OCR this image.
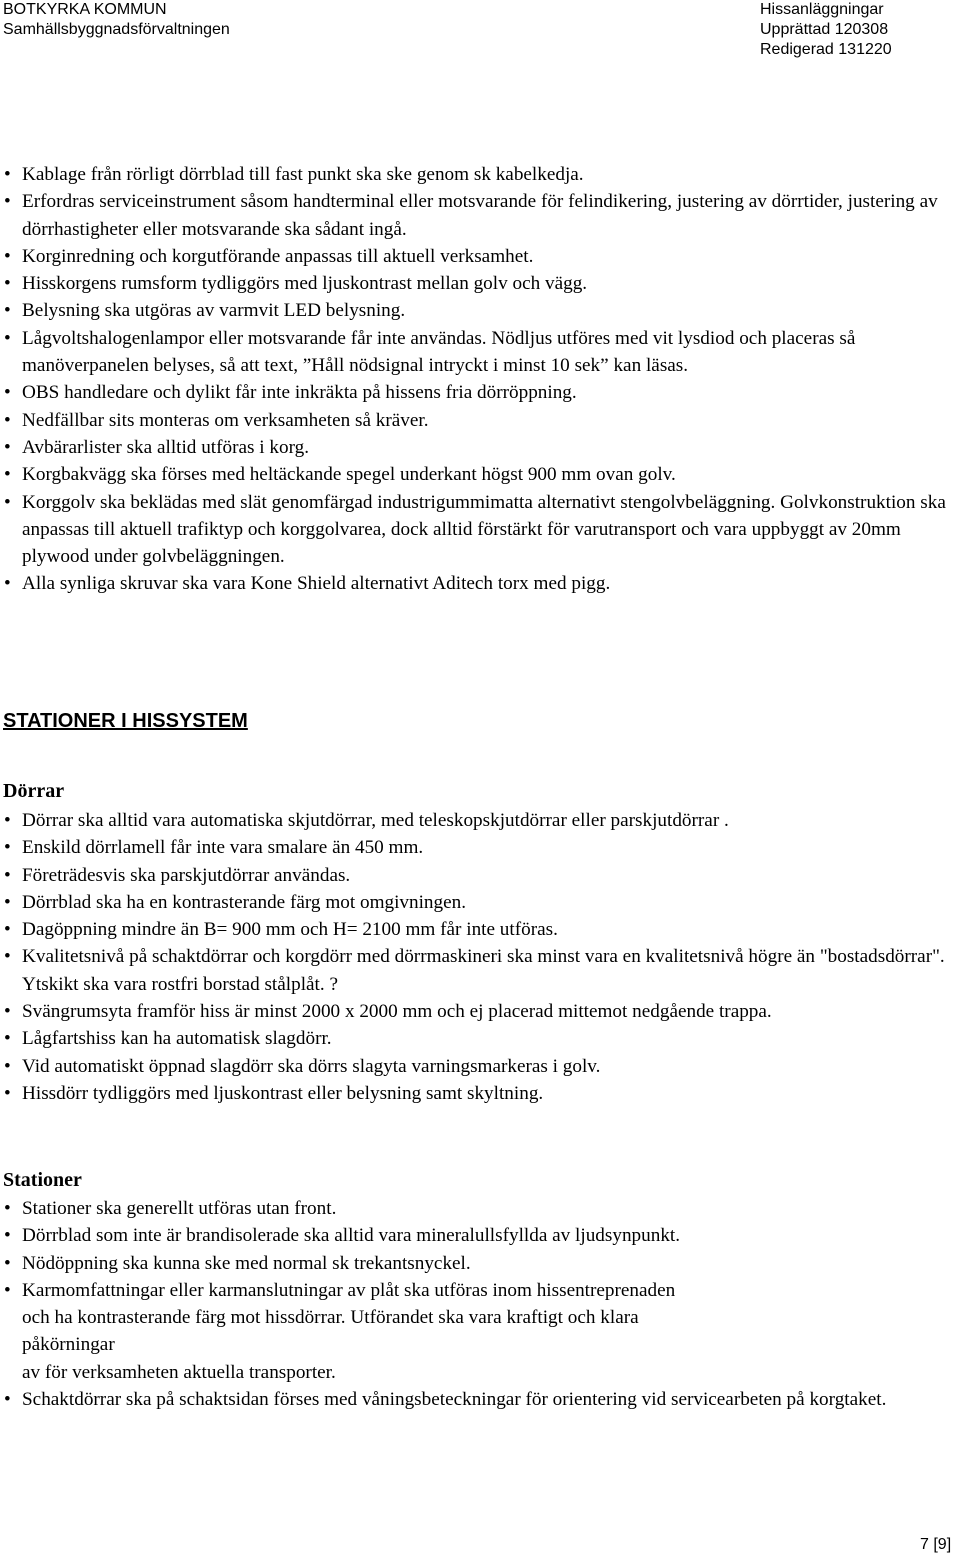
BOTKYRKA KOMMUN
Samhällsbyggnadsförvaltningen
Hissanläggningar
Upprättad 120308
Redigerad 131220
• Kablage från rörligt dörrblad till fast punkt ska ske genom sk kabelkedja.
• Erfordras serviceinstrument såsom handterminal eller motsvarande för felindikering, justering av dörrtider, justering av dörrhastigheter eller motsvarande ska sådant ingå.
• Korginredning och korgutförande anpassas till aktuell verksamhet.
• Hisskorgens rumsform tydliggörs med ljuskontrast mellan golv och vägg.
• Belysning ska utgöras av varmvit LED belysning.
• Lågvoltshalogenlampor eller motsvarande får inte användas. Nödljus utföres med vit lysdiod och placeras så manöverpanelen belyses, så att text, ”Håll nödsignal intryckt i minst 10 sek” kan läsas.
• OBS handledare och dylikt får inte inkräkta på hissens fria dörröppning.
• Nedfällbar sits monteras om verksamheten så kräver.
• Avbärarlister ska alltid utföras i korg.
• Korgbakvägg ska förses med heltäckande spegel underkant högst 900 mm ovan golv.
• Korggolv ska beklädas med slät genomfärgad industrigummimatta alternativt stengolvbeläggning. Golvkonstruktion ska anpassas till aktuell trafiktyp och korggolvarea, dock alltid förstärkt för varutransport och vara uppbyggt av 20mm plywood under golvbeläggningen.
• Alla synliga skruvar ska vara Kone Shield alternativt Aditech torx med pigg.
STATIONER I HISSYSTEM
Dörrar
• Dörrar ska alltid vara automatiska skjutdörrar, med teleskopskjutdörrar eller parskjutdörrar .
• Enskild dörrlamell får inte vara smalare än 450 mm.
• Företrädesvis ska parskjutdörrar användas.
• Dörrblad ska ha en kontrasterande färg mot omgivningen.
• Dagöppning mindre än B= 900 mm och H= 2100 mm får inte utföras.
• Kvalitetsnivå på schaktdörrar och korgdörr med dörrmaskineri ska minst vara en kvalitetsnivå högre än "bostadsdörrar". Ytskikt ska vara rostfri borstad stålplåt. ?
• Svängrumsyta framför hiss är minst 2000 x 2000 mm och ej placerad mittemot nedgående trappa.
• Lågfartshiss kan ha automatisk slagdörr.
• Vid automatiskt öppnad slagdörr ska dörrs slagyta varningsmarkeras i golv.
• Hissdörr tydliggörs med ljuskontrast eller belysning samt skyltning.
Stationer
• Stationer ska generellt utföras utan front.
• Dörrblad som inte är brandisolerade ska alltid vara mineralullsfyllda av ljudsynpunkt.
• Nödöppning ska kunna ske med normal sk trekantsnyckel.
• Karmomfattningar eller karmanslutningar av plåt ska utföras inom hissentreprenaden
och ha kontrasterande färg mot hissdörrar. Utförandet ska vara kraftigt och klara
påkörningar
av för verksamheten aktuella transporter.
• Schaktdörrar ska på schaktsidan förses med våningsbeteckningar för orientering vid servicearbeten på korgtaket.
7 [9]
